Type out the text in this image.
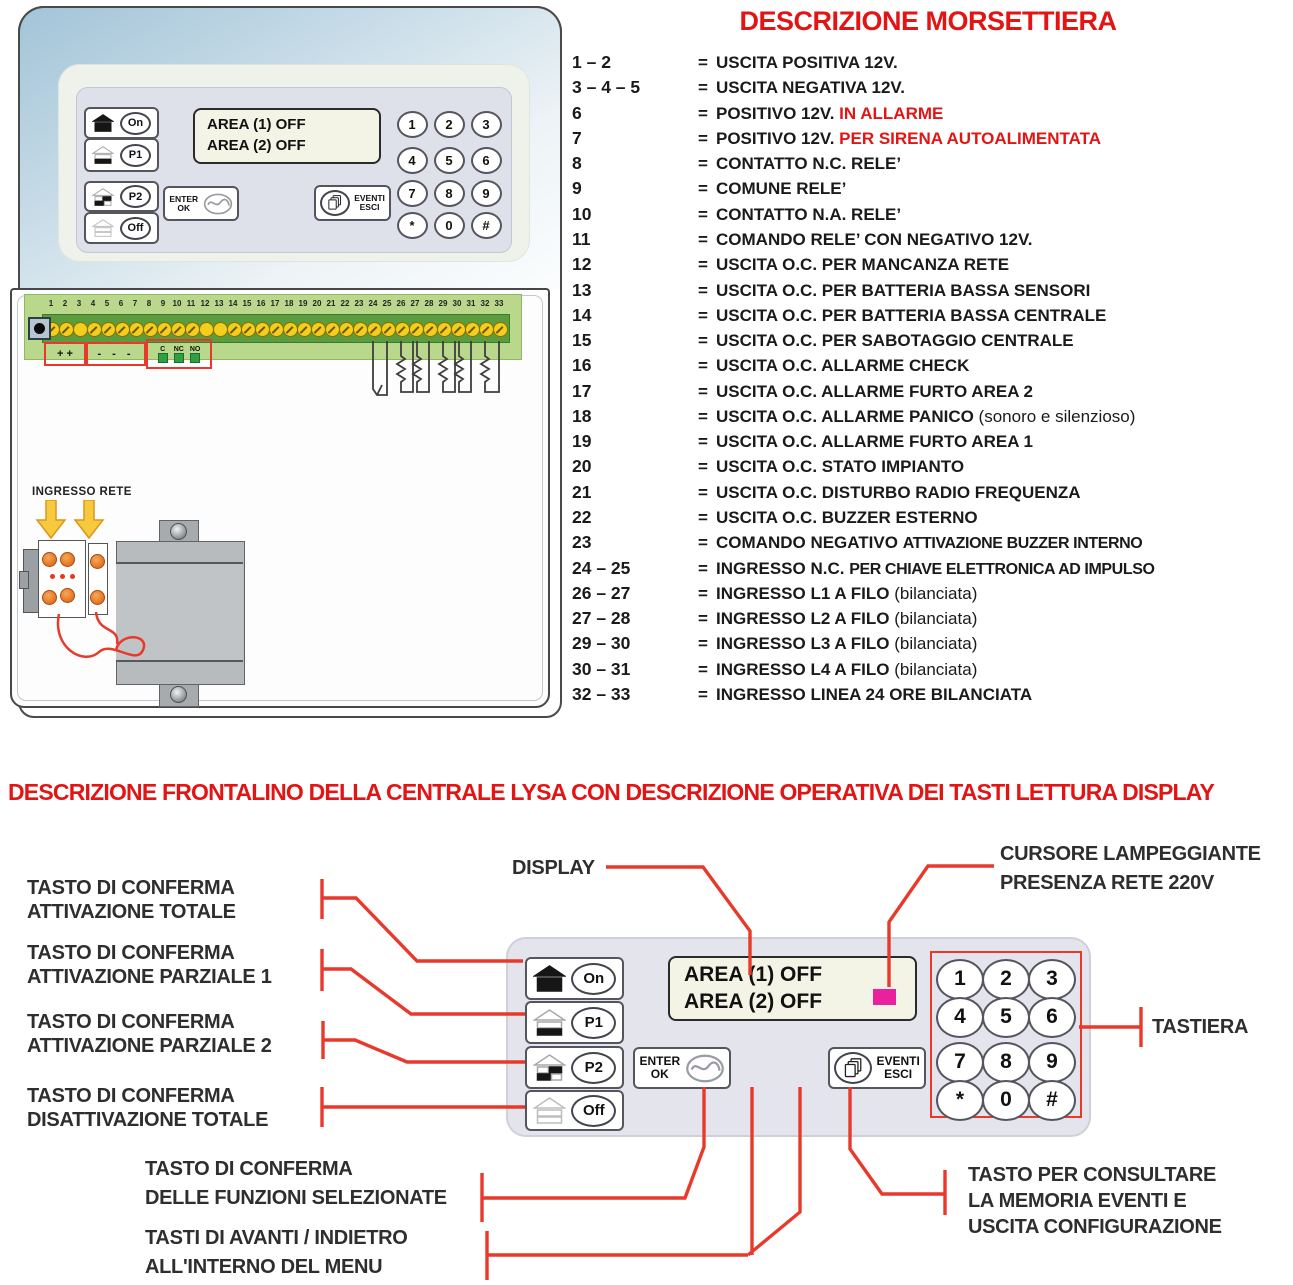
AREA (1) OFF
AREA (2) OFF
ENTER
OK
EVENTI
ESCI
1	2	3
4	5	6
7	8	9
*	0	#
On
P1
P2
Off
1	2	3	4	5	6	7	8	9 10 11 12 13 14 15 16 17 18 19 20 21 22 23 24 25 26 27 28 29 30 31 32 33
+ +	- - -	C	NC NO
INGRESSO RETE
DESCRIZIONE MORSETTIERA
1 – 2	= USCITA POSITIVA 12V.
3 – 4 – 5	= USCITA NEGATIVA 12V.
6	= POSITIVO 12V. IN ALLARME
7	= POSITIVO 12V. PER SIRENA AUTOALIMENTATA
8	= CONTATTO N.C. RELE’
9	= COMUNE RELE’
10	= CONTATTO N.A. RELE’
11	= COMANDO RELE’ CON NEGATIVO 12V.
12	= USCITA O.C. PER MANCANZA RETE
13	= USCITA O.C. PER BATTERIA BASSA SENSORI
14	= USCITA O.C. PER BATTERIA BASSA CENTRALE
15	= USCITA O.C. PER SABOTAGGIO CENTRALE
16	= USCITA O.C. ALLARME CHECK
17	= USCITA O.C. ALLARME FURTO AREA 2
18	= USCITA O.C. ALLARME PANICO (sonoro e silenzioso)
19	= USCITA O.C. ALLARME FURTO AREA 1
20	= USCITA O.C. STATO IMPIANTO
21	= USCITA O.C. DISTURBO RADIO FREQUENZA
22	= USCITA O.C. BUZZER ESTERNO
23	= COMANDO NEGATIVO ATTIVAZIONE BUZZER INTERNO
24 – 25	= INGRESSO N.C. PER CHIAVE ELETTRONICA AD IMPULSO
26 – 27	= INGRESSO L1 A FILO (bilanciata)
27 – 28	= INGRESSO L2 A FILO (bilanciata)
29 – 30	= INGRESSO L3 A FILO (bilanciata)
30 – 31	= INGRESSO L4 A FILO (bilanciata)
32 – 33	= INGRESSO LINEA 24 ORE BILANCIATA
DESCRIZIONE FRONTALINO DELLA CENTRALE LYSA CON DESCRIZIONE OPERATIVA DEI TASTI LETTURA DISPLAY
AREA (1) OFF
AREA (2) OFF
ENTER
OK
EVENTI
ESCI
1	2	3
4	5	6
7	8	9
*	0	#
On
P1
P2
Off
TASTO DI CONFERMA
ATTIVAZIONE TOTALE
TASTO DI CONFERMA
ATTIVAZIONE PARZIALE 1
TASTO DI CONFERMA
ATTIVAZIONE PARZIALE 2
TASTO DI CONFERMA
DISATTIVAZIONE TOTALE
DISPLAY
CURSORE LAMPEGGIANTE
PRESENZA RETE 220V
TASTIERA
TASTO DI CONFERMA
DELLE FUNZIONI SELEZIONATE
TASTI DI AVANTI / INDIETRO
ALL'INTERNO DEL MENU
TASTO PER CONSULTARE
LA MEMORIA EVENTI E
USCITA CONFIGURAZIONE
